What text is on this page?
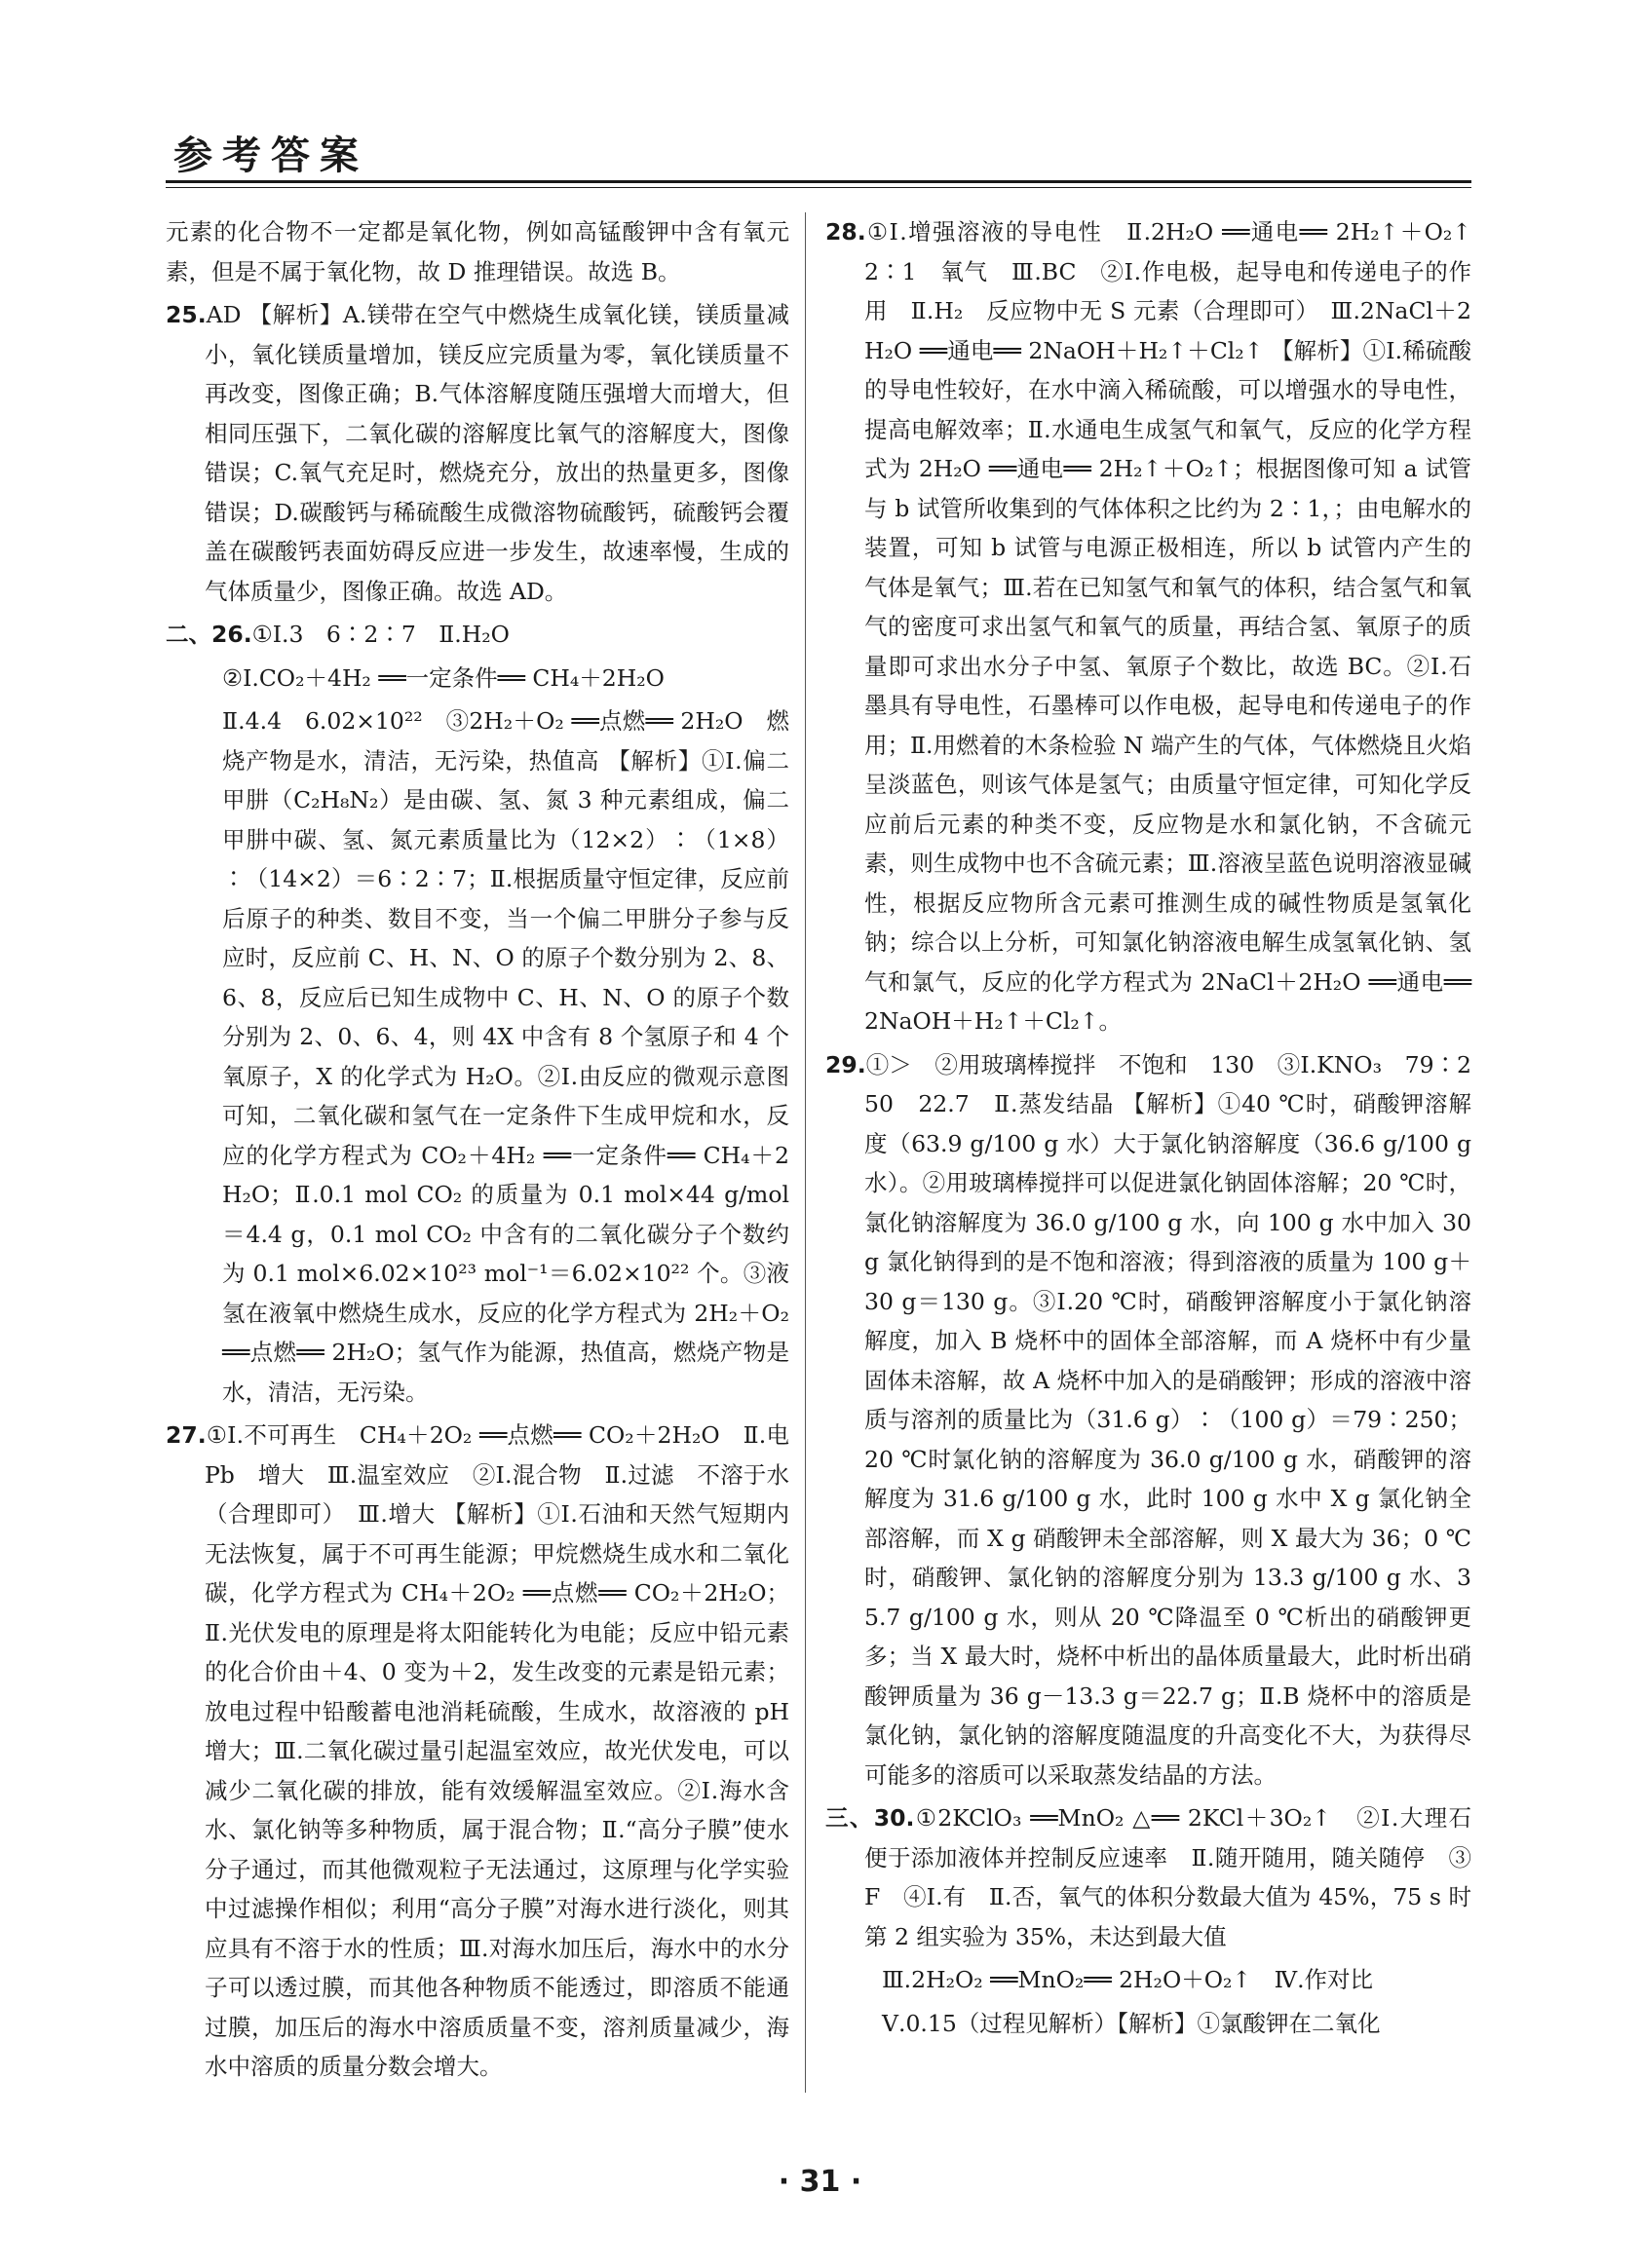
参考答案

元素的化合物不一定都是氧化物，例如高锰酸钾中含有氧元素，但是不属于氧化物，故 D 推理错误。故选 B。

25.AD 【解析】A.镁带在空气中燃烧生成氧化镁，镁质量减小，氧化镁质量增加，镁反应完质量为零，氧化镁质量不再改变，图像正确；B.气体溶解度随压强增大而增大，但相同压强下，二氧化碳的溶解度比氧气的溶解度大，图像错误；C.氧气充足时，燃烧充分，放出的热量更多，图像错误；D.碳酸钙与稀硫酸生成微溶物硫酸钙，硫酸钙会覆盖在碳酸钙表面妨碍反应进一步发生，故速率慢，生成的气体质量少，图像正确。故选 AD。

二、26.①Ⅰ.3　6∶2∶7　Ⅱ.H₂O

②Ⅰ.CO₂＋4H₂ ══一定条件══ CH₄＋2H₂O

Ⅱ.4.4　6.02×10²²　③2H₂＋O₂ ══点燃══ 2H₂O　燃烧产物是水，清洁，无污染，热值高 【解析】①Ⅰ.偏二甲肼（C₂H₈N₂）是由碳、氢、氮 3 种元素组成，偏二甲肼中碳、氢、氮元素质量比为（12×2）∶（1×8）∶（14×2）＝6∶2∶7；Ⅱ.根据质量守恒定律，反应前后原子的种类、数目不变，当一个偏二甲肼分子参与反应时，反应前 C、H、N、O 的原子个数分别为 2、8、6、8，反应后已知生成物中 C、H、N、O 的原子个数分别为 2、0、6、4，则 4X 中含有 8 个氢原子和 4 个氧原子，X 的化学式为 H₂O。②Ⅰ.由反应的微观示意图可知，二氧化碳和氢气在一定条件下生成甲烷和水，反应的化学方程式为 CO₂＋4H₂ ══一定条件══ CH₄＋2H₂O；Ⅱ.0.1 mol CO₂ 的质量为 0.1 mol×44 g/mol＝4.4 g，0.1 mol CO₂ 中含有的二氧化碳分子个数约为 0.1 mol×6.02×10²³ mol⁻¹＝6.02×10²² 个。③液氢在液氧中燃烧生成水，反应的化学方程式为 2H₂＋O₂ ══点燃══ 2H₂O；氢气作为能源，热值高，燃烧产物是水，清洁，无污染。

27.①Ⅰ.不可再生　CH₄＋2O₂ ══点燃══ CO₂＋2H₂O　Ⅱ.电　Pb　增大　Ⅲ.温室效应　②Ⅰ.混合物　Ⅱ.过滤　不溶于水（合理即可）　Ⅲ.增大 【解析】①Ⅰ.石油和天然气短期内无法恢复，属于不可再生能源；甲烷燃烧生成水和二氧化碳，化学方程式为 CH₄＋2O₂ ══点燃══ CO₂＋2H₂O；Ⅱ.光伏发电的原理是将太阳能转化为电能；反应中铅元素的化合价由＋4、0 变为＋2，发生改变的元素是铅元素；放电过程中铅酸蓄电池消耗硫酸，生成水，故溶液的 pH 增大；Ⅲ.二氧化碳过量引起温室效应，故光伏发电，可以减少二氧化碳的排放，能有效缓解温室效应。②Ⅰ.海水含水、氯化钠等多种物质，属于混合物；Ⅱ.“高分子膜”使水分子通过，而其他微观粒子无法通过，这原理与化学实验中过滤操作相似；利用“高分子膜”对海水进行淡化，则其应具有不溶于水的性质；Ⅲ.对海水加压后，海水中的水分子可以透过膜，而其他各种物质不能透过，即溶质不能通过膜，加压后的海水中溶质质量不变，溶剂质量减少，海水中溶质的质量分数会增大。

28.①Ⅰ.增强溶液的导电性　Ⅱ.2H₂O ══通电══ 2H₂↑＋O₂↑　2∶1　氧气　Ⅲ.BC　②Ⅰ.作电极，起导电和传递电子的作用　Ⅱ.H₂　反应物中无 S 元素（合理即可）　Ⅲ.2NaCl＋2H₂O ══通电══ 2NaOH＋H₂↑＋Cl₂↑ 【解析】①Ⅰ.稀硫酸的导电性较好，在水中滴入稀硫酸，可以增强水的导电性，提高电解效率；Ⅱ.水通电生成氢气和氧气，反应的化学方程式为 2H₂O ══通电══ 2H₂↑＋O₂↑；根据图像可知 a 试管与 b 试管所收集到的气体体积之比约为 2∶1，；由电解水的装置，可知 b 试管与电源正极相连，所以 b 试管内产生的气体是氧气；Ⅲ.若在已知氢气和氧气的体积，结合氢气和氧气的密度可求出氢气和氧气的质量，再结合氢、氧原子的质量即可求出水分子中氢、氧原子个数比，故选 BC。②Ⅰ.石墨具有导电性，石墨棒可以作电极，起导电和传递电子的作用；Ⅱ.用燃着的木条检验 N 端产生的气体，气体燃烧且火焰呈淡蓝色，则该气体是氢气；由质量守恒定律，可知化学反应前后元素的种类不变，反应物是水和氯化钠，不含硫元素，则生成物中也不含硫元素；Ⅲ.溶液呈蓝色说明溶液显碱性，根据反应物所含元素可推测生成的碱性物质是氢氧化钠；综合以上分析，可知氯化钠溶液电解生成氢氧化钠、氢气和氯气，反应的化学方程式为 2NaCl＋2H₂O ══通电══ 2NaOH＋H₂↑＋Cl₂↑。

29.①＞　②用玻璃棒搅拌　不饱和　130　③Ⅰ.KNO₃　79∶250　22.7　Ⅱ.蒸发结晶 【解析】①40 ℃时，硝酸钾溶解度（63.9 g/100 g 水）大于氯化钠溶解度（36.6 g/100 g 水）。②用玻璃棒搅拌可以促进氯化钠固体溶解；20 ℃时，氯化钠溶解度为 36.0 g/100 g 水，向 100 g 水中加入 30 g 氯化钠得到的是不饱和溶液；得到溶液的质量为 100 g＋30 g＝130 g。③Ⅰ.20 ℃时，硝酸钾溶解度小于氯化钠溶解度，加入 B 烧杯中的固体全部溶解，而 A 烧杯中有少量固体未溶解，故 A 烧杯中加入的是硝酸钾；形成的溶液中溶质与溶剂的质量比为（31.6 g）∶（100 g）＝79∶250；20 ℃时氯化钠的溶解度为 36.0 g/100 g 水，硝酸钾的溶解度为 31.6 g/100 g 水，此时 100 g 水中 X g 氯化钠全部溶解，而 X g 硝酸钾未全部溶解，则 X 最大为 36；0 ℃时，硝酸钾、氯化钠的溶解度分别为 13.3 g/100 g 水、35.7 g/100 g 水，则从 20 ℃降温至 0 ℃析出的硝酸钾更多；当 X 最大时，烧杯中析出的晶体质量最大，此时析出硝酸钾质量为 36 g－13.3 g＝22.7 g；Ⅱ.B 烧杯中的溶质是氯化钠，氯化钠的溶解度随温度的升高变化不大，为获得尽可能多的溶质可以采取蒸发结晶的方法。

三、30.①2KClO₃ ══MnO₂ △══ 2KCl＋3O₂↑　②Ⅰ.大理石　便于添加液体并控制反应速率　Ⅱ.随开随用，随关随停　③F　④Ⅰ.有　Ⅱ.否，氧气的体积分数最大值为 45%，75 s 时第 2 组实验为 35%，未达到最大值

Ⅲ.2H₂O₂ ══MnO₂══ 2H₂O＋O₂↑　Ⅳ.作对比

Ⅴ.0.15（过程见解析）【解析】①氯酸钾在二氧化

· 31 ·
